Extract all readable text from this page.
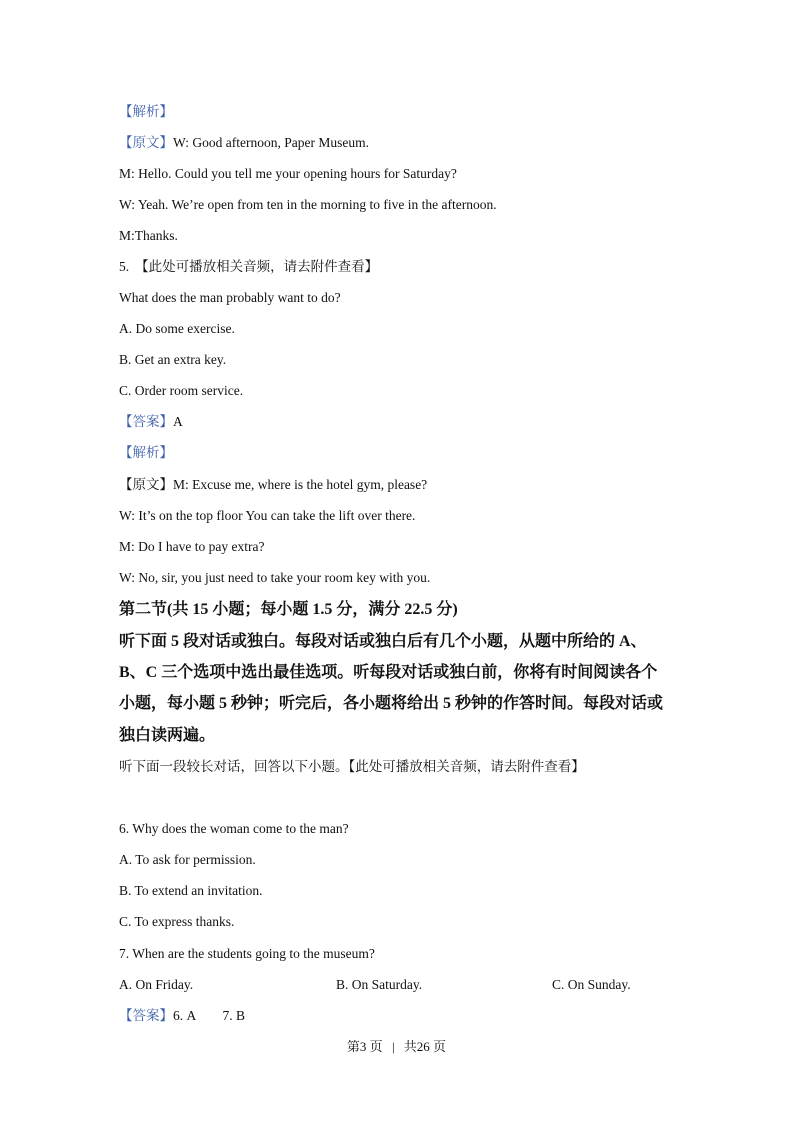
【解析】
【原文】W: Good afternoon, Paper Museum.
M: Hello. Could you tell me your opening hours for Saturday?
W: Yeah. We’re open from ten in the morning to five in the afternoon.
M:Thanks.
5. 【此处可播放相关音频，请去附件查看】
What does the man probably want to do?
A. Do some exercise.
B. Get an extra key.
C. Order room service.
【答案】A
【解析】
【原文】M: Excuse me, where is the hotel gym, please?
W: It’s on the top floor You can take the lift over there.
M: Do I have to pay extra?
W: No, sir, you just need to take your room key with you.
第二节(共 15 小题；每小题 1.5 分，满分 22.5 分)
听下面 5 段对话或独白。每段对话或独白后有几个小题，从题中所给的 A、
B、C 三个选项中选出最佳选项。听每段对话或独白前，你将有时间阅读各个
小题，每小题 5 秒钟；听完后，各小题将给出 5 秒钟的作答时间。每段对话或
独白读两遍。
听下面一段较长对话，回答以下小题。【此处可播放相关音频，请去附件查看】
6. Why does the woman come to the man?
A. To ask for permission.
B. To extend an invitation.
C. To express thanks.
7. When are the students going to the museum?
A. On Friday.	B. On Saturday.	C. On Sunday.
【答案】6. A        7. B
第3 页 | 共26 页
